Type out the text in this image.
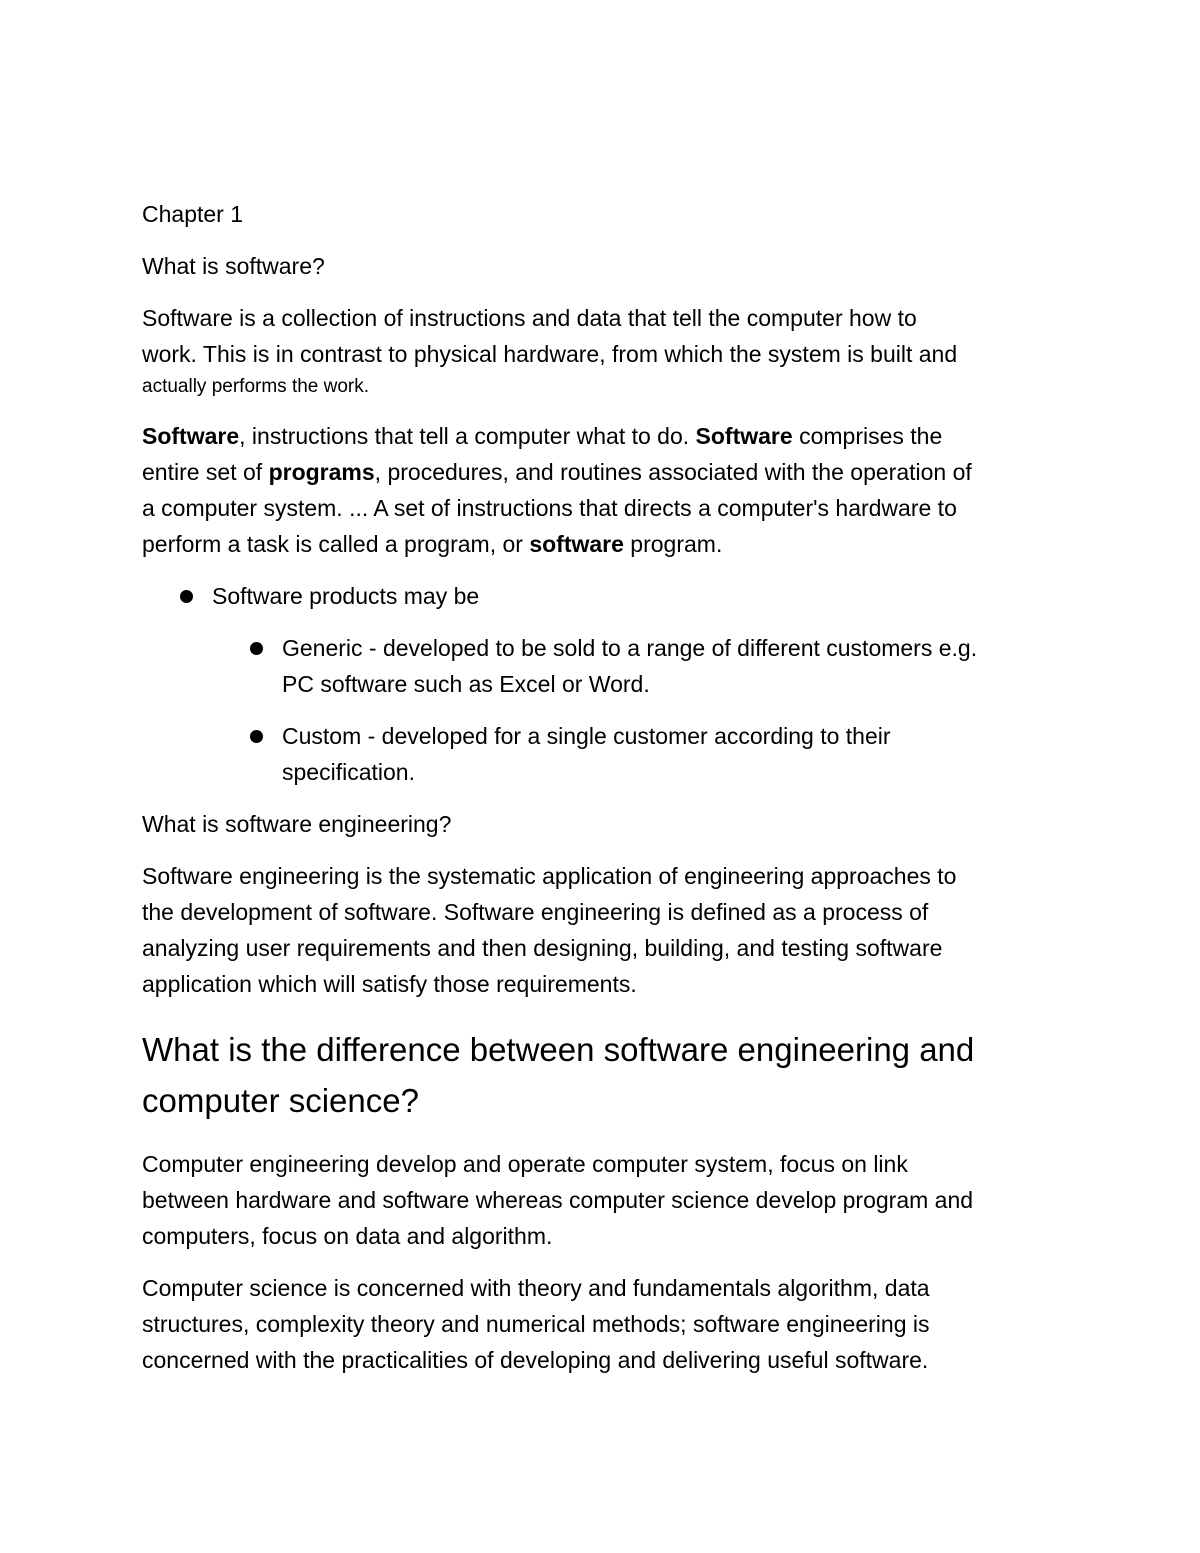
Chapter 1

What is software?

Software is a collection of instructions and data that tell the computer how to
work. This is in contrast to physical hardware, from which the system is built and
actually performs the work.

Software, instructions that tell a computer what to do. Software comprises the
entire set of programs, procedures, and routines associated with the operation of
a computer system. ... A set of instructions that directs a computer's hardware to
perform a task is called a program, or software program.

Software products may be
Generic - developed to be sold to a range of different customers e.g.
PC software such as Excel or Word.
Custom - developed for a single customer according to their
specification.

What is software engineering?

Software engineering is the systematic application of engineering approaches to
the development of software. Software engineering is defined as a process of
analyzing user requirements and then designing, building, and testing software
application which will satisfy those requirements.

What is the difference between software engineering and
computer science?

Computer engineering develop and operate computer system, focus on link
between hardware and software whereas computer science develop program and
computers, focus on data and algorithm.

Computer science is concerned with theory and fundamentals algorithm, data
structures, complexity theory and numerical methods; software engineering is
concerned with the practicalities of developing and delivering useful software.
